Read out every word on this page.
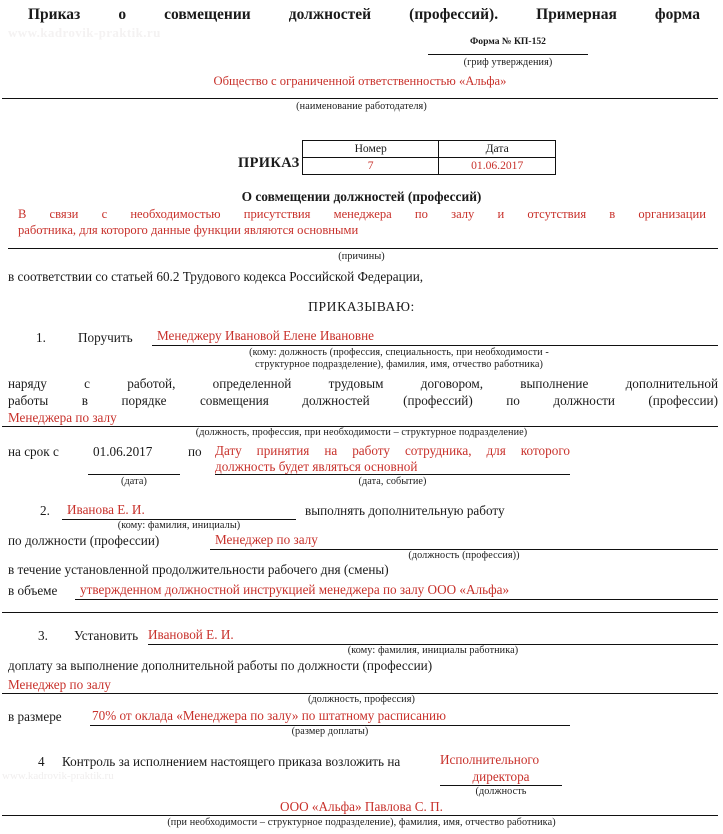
www.kadrovik-praktik.ru
www.kadrovik-praktik.ru
Приказ о совмещении должностей (профессий). Примерная форма
Форма № КП-152
(гриф утверждения)
Общество с ограниченной ответственностью «Альфа»
(наименование работодателя)
ПРИКАЗ
Номер	Дата
7	01.06.2017
О совмещении должностей (профессий)
В связи с необходимостью присутствия менеджера по залу и отсутствия в организации
работника, для которого данные функции являются основными
(причины)
в соответствии со статьей 60.2 Трудового кодекса Российской Федерации,
ПРИКАЗЫВАЮ:
1. Поручить Менеджеру Ивановой Елене Ивановне
(кому: должность (профессия, специальность, при необходимости -
структурное подразделение), фамилия, имя, отчество работника)
наряду с работой, определенной трудовым договором, выполнение дополнительной
работы в порядке совмещения должностей (профессий) по должности (профессии)
Менеджера по залу
(должность, профессия, при необходимости – структурное подразделение)
на срок с	01.06.2017	по Дату принятия на работу сотрудника, для которого
должность будет являться основной
(дата)	(дата, событие)
2. Иванова Е. И.	выполнять дополнительную работу
(кому: фамилия, инициалы)
по должности (профессии)	Менеджер по залу
(должность (профессия))
в течение установленной продолжительности рабочего дня (смены)
в объеме утвержденном должностной инструкцией менеджера по залу ООО «Альфа»
3. Установить Ивановой Е. И.
(кому: фамилия, инициалы работника)
доплату за выполнение дополнительной работы по должности (профессии)
Менеджер по залу
(должность, профессия)
в размере 70% от оклада «Менеджера по залу» по штатному расписанию
(размер доплаты)
4 Контроль за исполнением настоящего приказа возложить на	Исполнительного
директора
(должность
ООО «Альфа» Павлова С. П.
(при необходимости – структурное подразделение), фамилия, имя, отчество работника)
